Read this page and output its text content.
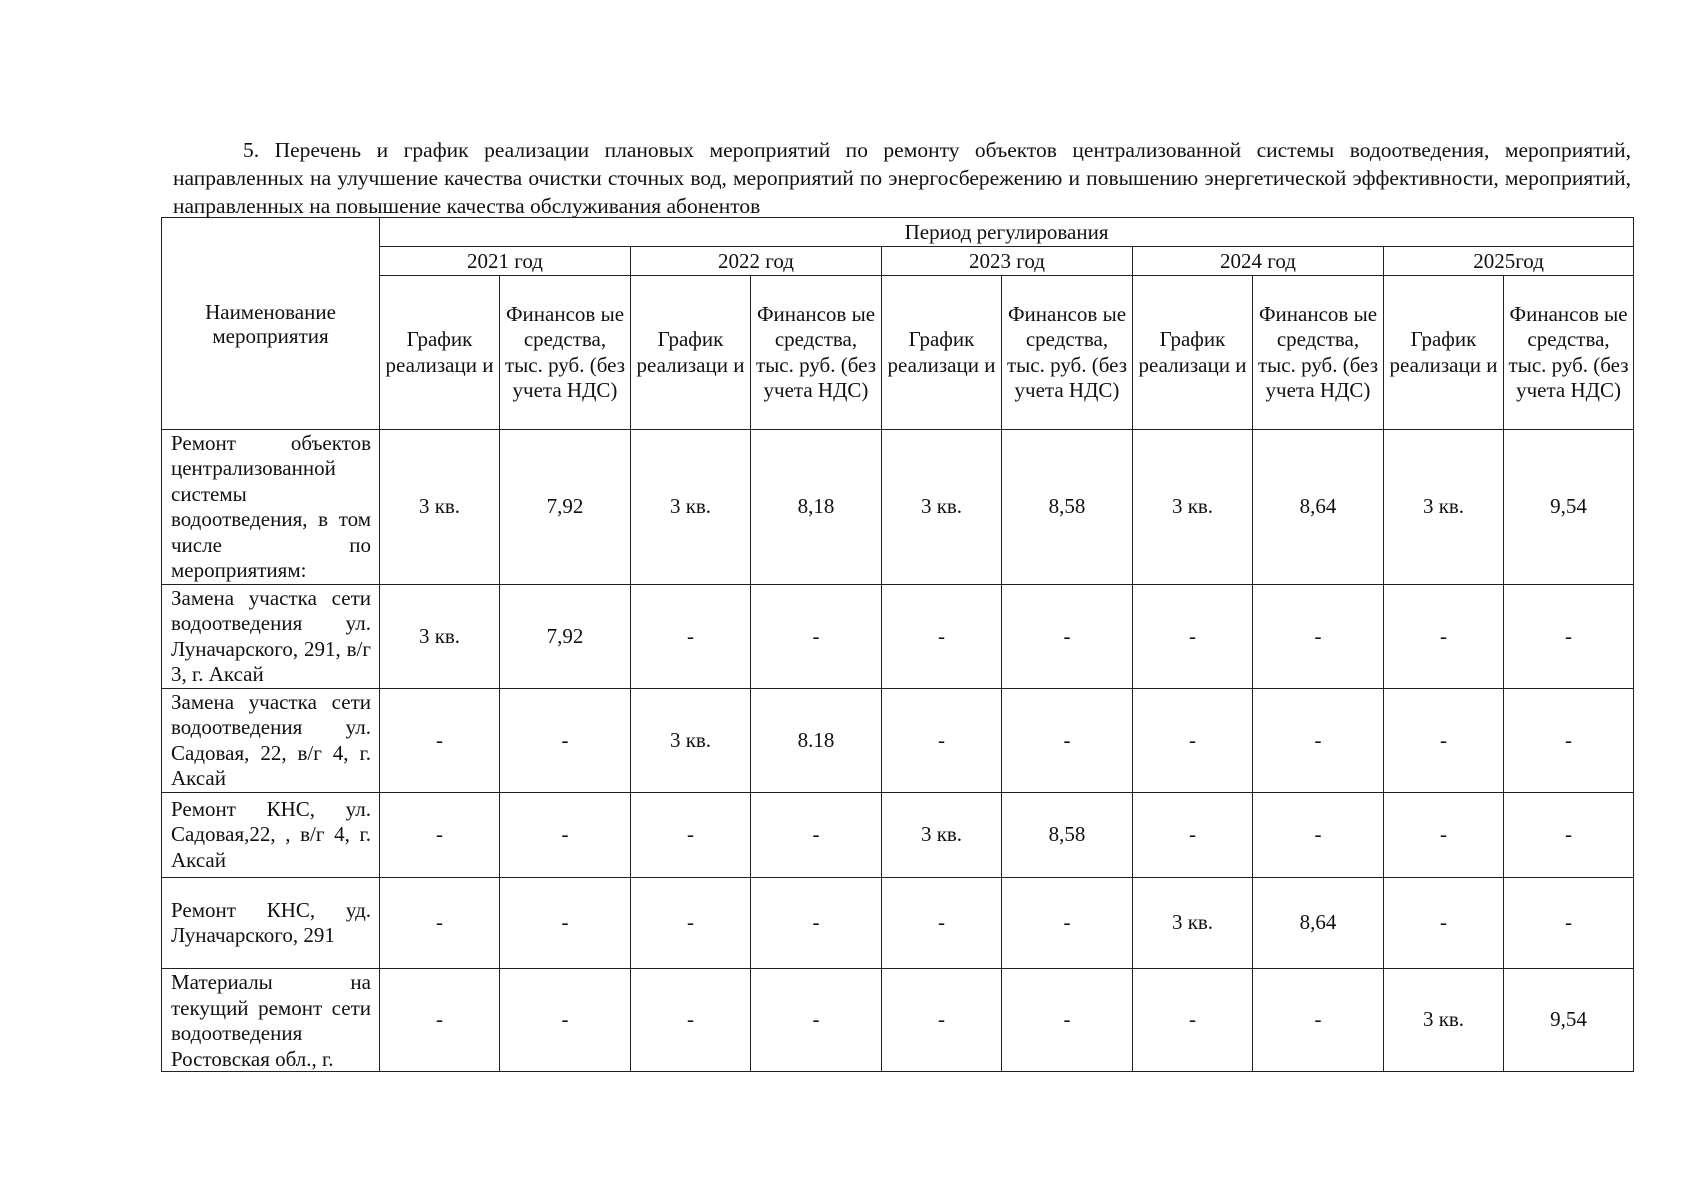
5. Перечень и график реализации плановых мероприятий по ремонту объектов централизованной системы водоотведения, мероприятий, направленных на улучшение качества очистки сточных вод, мероприятий по энергосбережению и повышению энергетической эффективности, мероприятий, направленных на повышение качества обслуживания абонентов

Наименование мероприятия	Период регулирования									
	2021 год		2022 год		2023 год		2024 год		2025год	
	График реализаци и	Финансов ые средства, тыс. руб. (без учета НДС)	График реализаци и	Финансов ые средства, тыс. руб. (без учета НДС)	График реализаци и	Финансов ые средства, тыс. руб. (без учета НДС)	График реализаци и	Финансов ые средства, тыс. руб. (без учета НДС)	График реализаци и	Финансов ые средства, тыс. руб. (без учета НДС)
Ремонт объектов централизованной системы водоотведения, в том числе по мероприятиям:	3 кв.	7,92	3 кв.	8,18	3 кв.	8,58	3 кв.	8,64	3 кв.	9,54
Замена участка сети водоотведения ул. Луначарского, 291, в/г 3, г. Аксай	3 кв.	7,92	-	-	-	-	-	-	-	-
Замена участка сети водоотведения ул. Садовая, 22, в/г 4, г. Аксай	-	-	3 кв.	8.18	-	-	-	-	-	-
Ремонт КНС, ул. Садовая,22, , в/г 4, г. Аксай	-	-	-	-	3 кв.	8,58	-	-	-	-
Ремонт КНС, уд. Луначарского, 291	-	-	-	-	-	-	3 кв.	8,64	-	-

Материалы на текущий ремонт сети водоотведения Ростовская обл., г.	-	-	-	-	-	-	-	-	3 кв.	9,54
